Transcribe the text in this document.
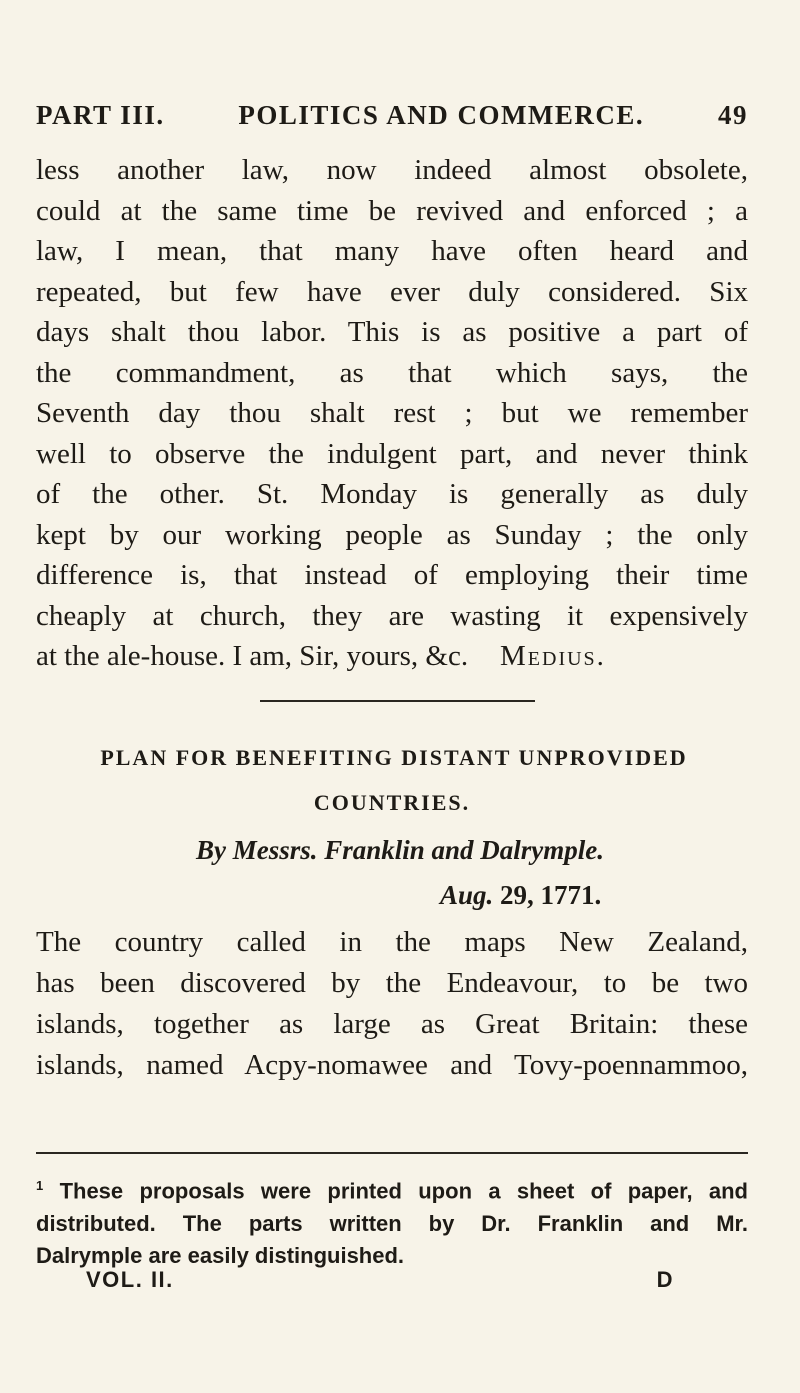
PART III.	POLITICS AND COMMERCE.	49
less another law, now indeed almost obsolete,
could at the same time be revived and enforced ; a
law, I mean, that many have often heard and
repeated, but few have ever duly considered. Six
days shalt thou labor. This is as positive a part of
the commandment, as that which says, the
Seventh day thou shalt rest ; but we remember
well to observe the indulgent part, and never think
of the other. St. Monday is generally as duly
kept by our working people as Sunday ; the only
difference is, that instead of employing their time
cheaply at church, they are wasting it expensively
at the ale-house. I am, Sir, yours, &c.	Medius.
PLAN FOR BENEFITING DISTANT UNPROVIDED
COUNTRIES.
By Messrs. Franklin and Dalrymple.
Aug. 29, 1771.
The country called in the maps New Zealand,
has been discovered by the Endeavour, to be two
islands, together as large as Great Britain: these
islands, named Acpy-nomawee and Tovy-poennammoo,
$^1$ These proposals were printed upon a sheet of paper, and
distributed. The parts written by Dr. Franklin and Mr.
Dalrymple are easily distinguished.
VOL. II.	D
